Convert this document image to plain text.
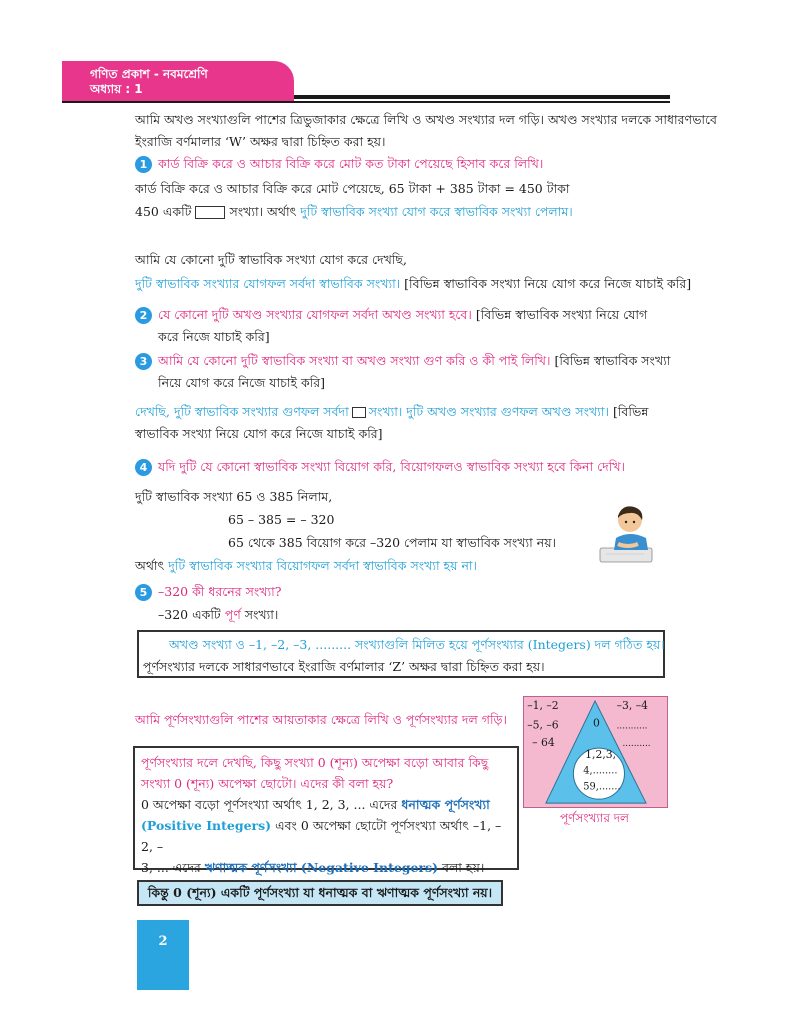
গণিত প্রকাশ - নবমশ্রেণি
অধ্যায় : 1
আমি অখণ্ড সংখ্যাগুলি পাশের ত্রিভুজাকার ক্ষেত্রে লিখি ও অখণ্ড সংখ্যার দল গড়ি। অখণ্ড সংখ্যার দলকে সাধারণভাবে
ইংরাজি বর্ণমালার ‘W’ অক্ষর দ্বারা চিহ্নিত করা হয়।
1 কার্ড বিক্রি করে ও আচার বিক্রি করে মোট কত টাকা পেয়েছে হিসাব করে লিখি।
কার্ড বিক্রি করে ও আচার বিক্রি করে মোট পেয়েছে, 65 টাকা + 385 টাকা = 450 টাকা
450 একটি	সংখ্যা। অর্থাৎ দুটি স্বাভাবিক সংখ্যা যোগ করে স্বাভাবিক সংখ্যা পেলাম।
আমি যে কোনো দুটি স্বাভাবিক সংখ্যা যোগ করে দেখছি,
দুটি স্বাভাবিক সংখ্যার যোগফল সর্বদা স্বাভাবিক সংখ্যা। [বিভিন্ন স্বাভাবিক সংখ্যা নিয়ে যোগ করে নিজে যাচাই করি]
2 যে কোনো দুটি অখণ্ড সংখ্যার যোগফল সর্বদা অখণ্ড সংখ্যা হবে। [বিভিন্ন স্বাভাবিক সংখ্যা নিয়ে যোগ
করে নিজে যাচাই করি]
3 আমি যে কোনো দুটি স্বাভাবিক সংখ্যা বা অখণ্ড সংখ্যা গুণ করি ও কী পাই লিখি। [বিভিন্ন স্বাভাবিক সংখ্যা
নিয়ে যোগ করে নিজে যাচাই করি]
দেখছি, দুটি স্বাভাবিক সংখ্যার গুণফল সর্বদা সংখ্যা। দুটি অখণ্ড সংখ্যার গুণফল অখণ্ড সংখ্যা। [বিভিন্ন
স্বাভাবিক সংখ্যা নিয়ে যোগ করে নিজে যাচাই করি]
4 যদি দুটি যে কোনো স্বাভাবিক সংখ্যা বিয়োগ করি, বিয়োগফলও স্বাভাবিক সংখ্যা হবে কিনা দেখি।
দুটি স্বাভাবিক সংখ্যা 65 ও 385 নিলাম,
65 – 385 = – 320
65 থেকে 385 বিয়োগ করে –320 পেলাম যা স্বাভাবিক সংখ্যা নয়।
অর্থাৎ দুটি স্বাভাবিক সংখ্যার বিয়োগফল সর্বদা স্বাভাবিক সংখ্যা হয় না।
5 –320 কী ধরনের সংখ্যা?
–320 একটি পূর্ণ সংখ্যা।
অখণ্ড সংখ্যা ও –1, –2, –3, ......... সংখ্যাগুলি মিলিত হয়ে পূর্ণসংখ্যার (Integers) দল গঠিত হয়।
পূর্ণসংখ্যার দলকে সাধারণভাবে ইংরাজি বর্ণমালার ‘Z’ অক্ষর দ্বারা চিহ্নিত করা হয়।
আমি পূর্ণসংখ্যাগুলি পাশের আয়তাকার ক্ষেত্রে লিখি ও পূর্ণসংখ্যার দল গড়ি।
–1, –2
–5, –6
– 64
–3, –4
...........
..........
0
1,2,3,
4,........
59,.......
পূর্ণসংখ্যার দল
পূর্ণসংখ্যার দলে দেখছি, কিছু সংখ্যা 0 (শূন্য) অপেক্ষা বড়ো আবার কিছু
সংখ্যা 0 (শূন্য) অপেক্ষা ছোটো। এদের কী বলা হয়?
0 অপেক্ষা বড়ো পূর্ণসংখ্যা অর্থাৎ 1, 2, 3, ... এদের ধনাত্মক পূর্ণসংখ্যা
(Positive Integers) এবং 0 অপেক্ষা ছোটো পূর্ণসংখ্যা অর্থাৎ –1, –2, –
3, ... এদের ঋণাত্মক পূর্ণসংখ্যা (Negative Integers) বলা হয়।
কিন্তু 0 (শূন্য) একটি পূর্ণসংখ্যা যা ধনাত্মক বা ঋণাত্মক পূর্ণসংখ্যা নয়।
2
